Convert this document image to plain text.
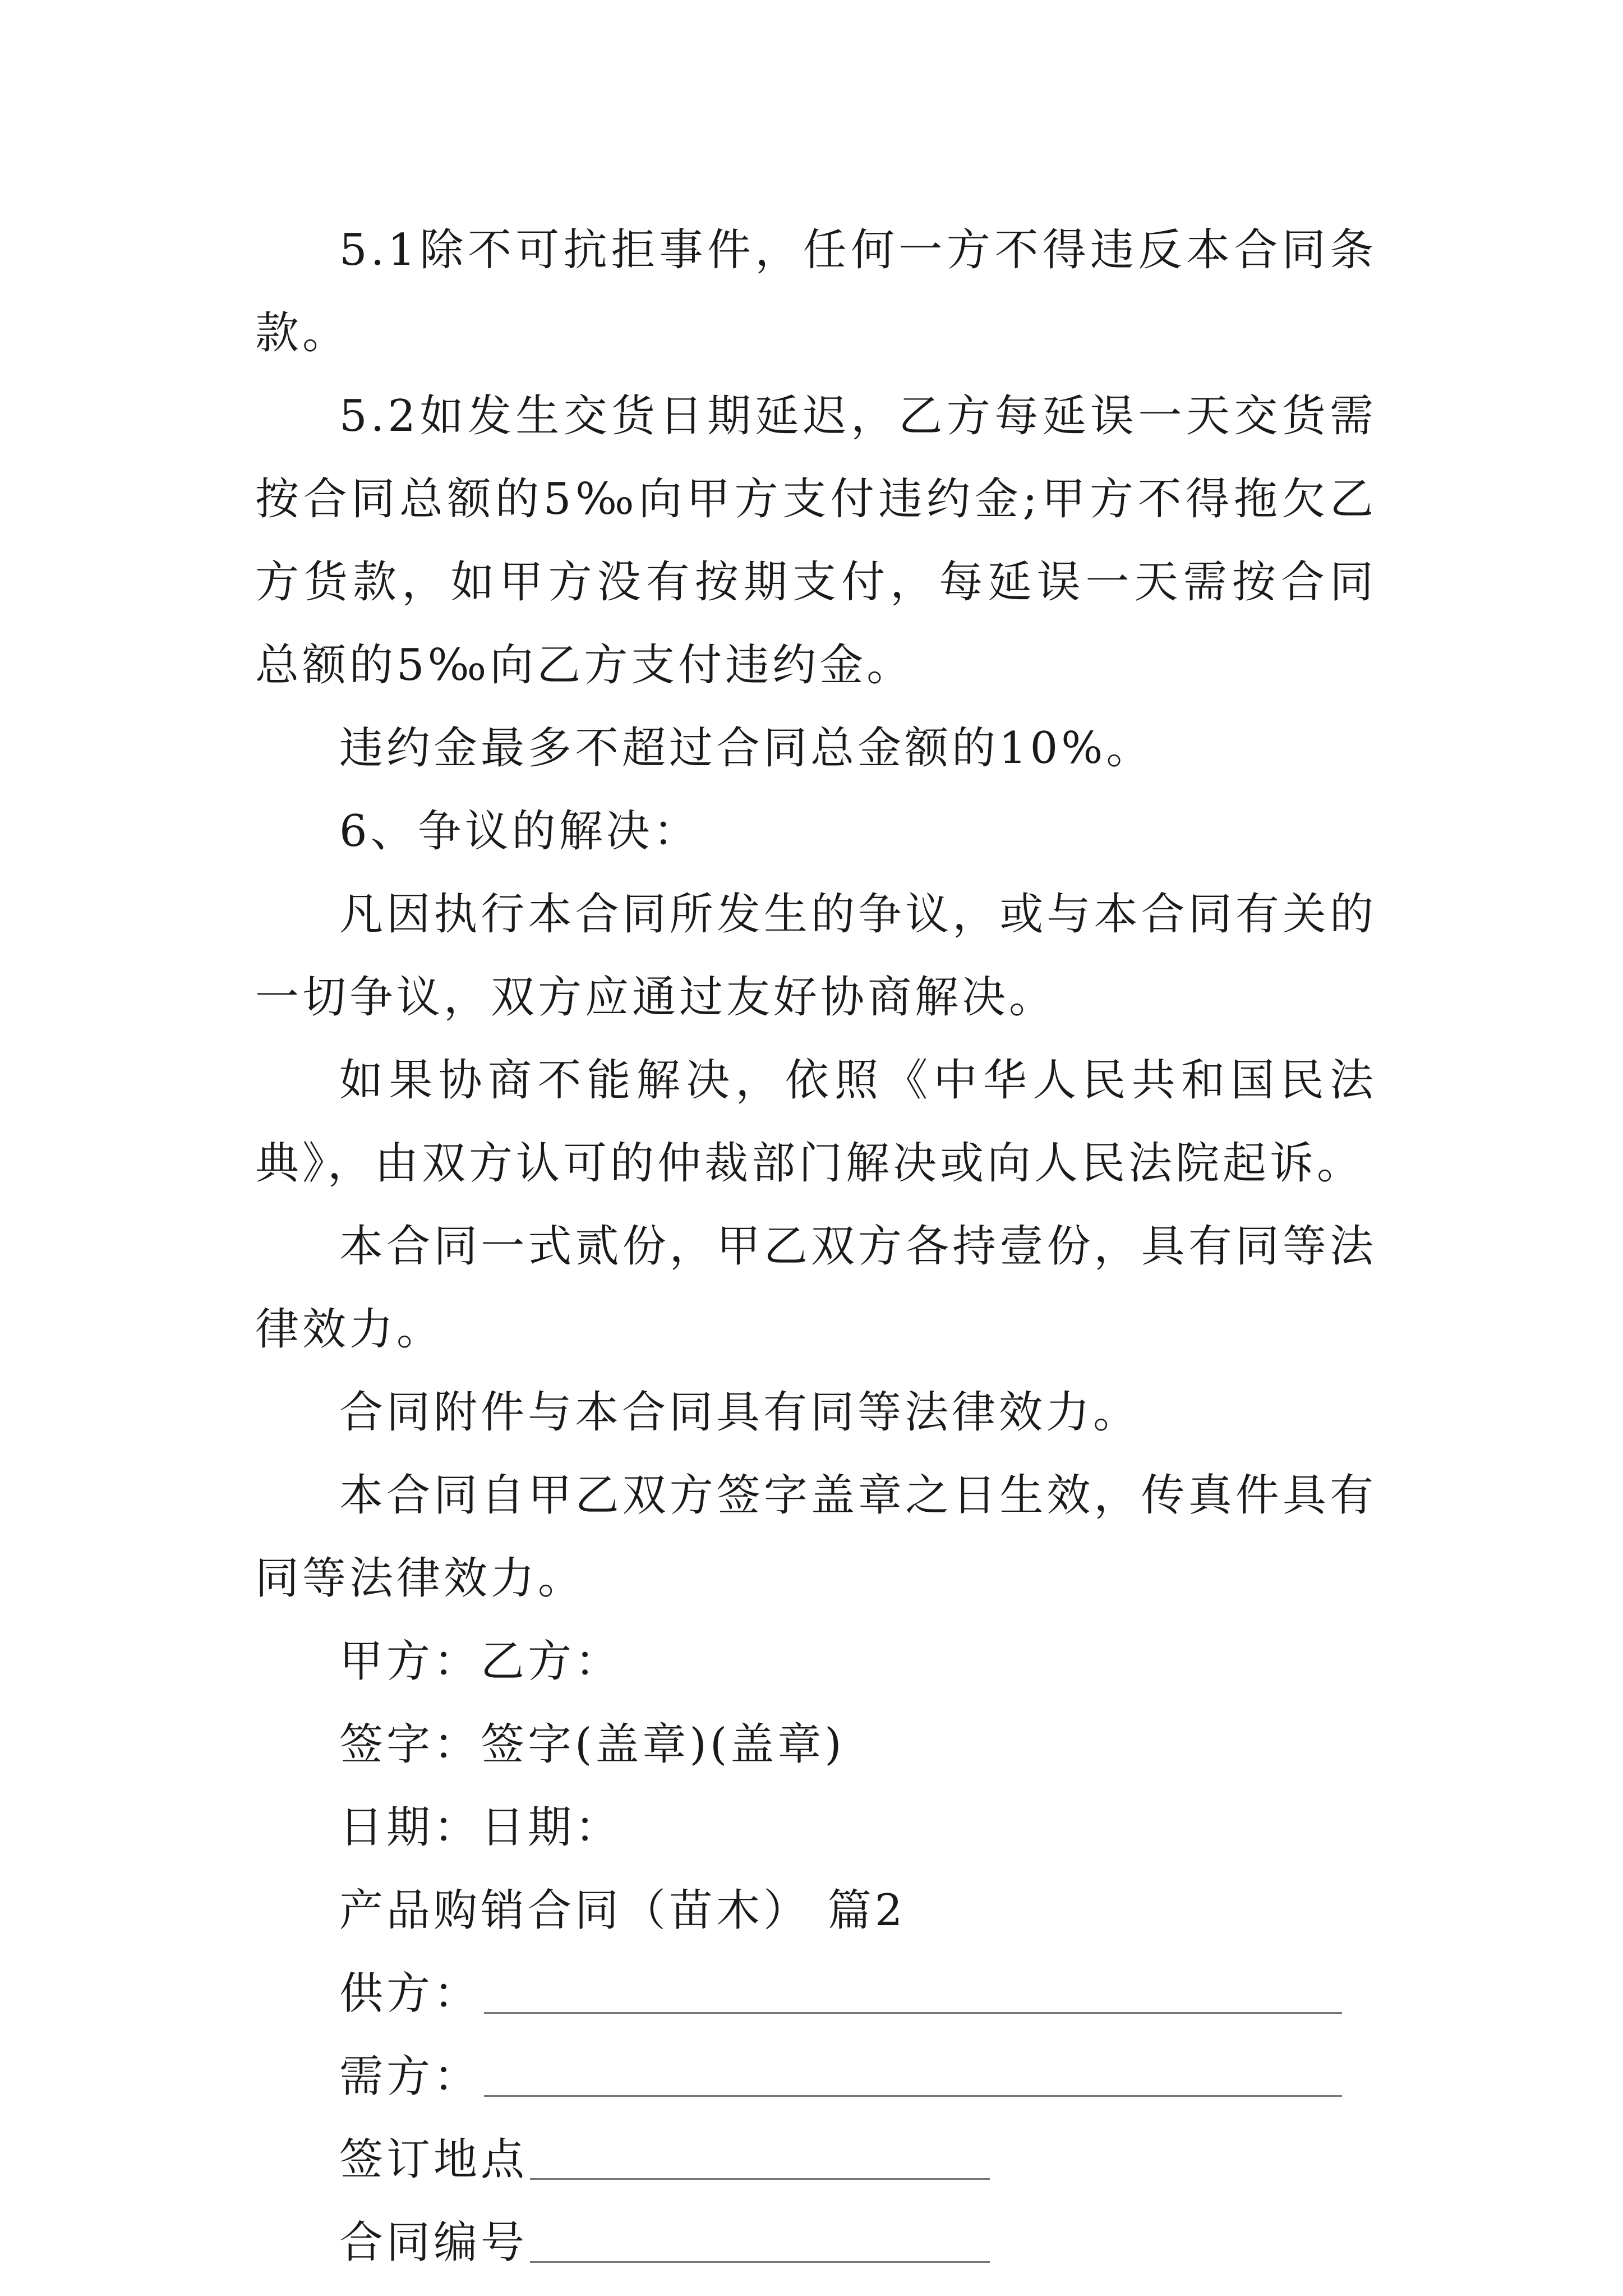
5.1除不可抗拒事件，任何一方不得违反本合同条款。

5.2如发生交货日期延迟，乙方每延误一天交货需按合同总额的5‰向甲方支付违约金;甲方不得拖欠乙方货款，如甲方没有按期支付，每延误一天需按合同总额的5‰向乙方支付违约金。

违约金最多不超过合同总金额的10%。

6、争议的解决：

凡因执行本合同所发生的争议，或与本合同有关的一切争议，双方应通过友好协商解决。

如果协商不能解决，依照《中华人民共和国民法典》，由双方认可的仲裁部门解决或向人民法院起诉。

本合同一式贰份，甲乙双方各持壹份，具有同等法律效力。

合同附件与本合同具有同等法律效力。

本合同自甲乙双方签字盖章之日生效，传真件具有同等法律效力。

甲方：乙方：

签字：签字(盖章)(盖章)

日期：日期：

产品购销合同（苗木） 篇2

供方：

需方：

签订地点

合同编号
